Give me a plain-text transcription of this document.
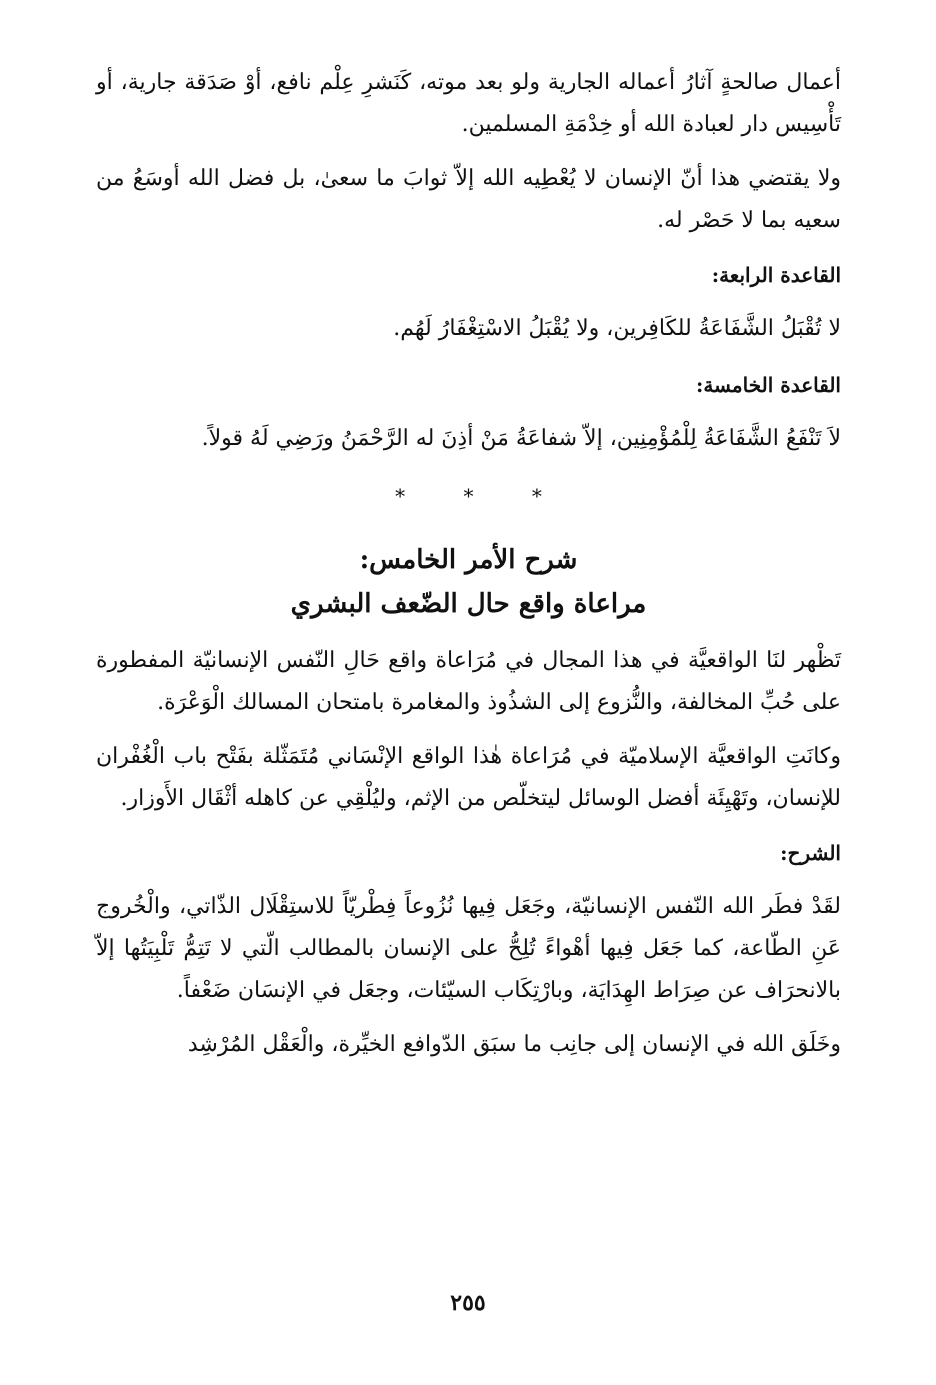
أعمال صالحةٍ آثارُ أعماله الجارية ولو بعد موته، كَنَشرِ عِلْم نافع، أوْ صَدَقة جارية، أو تَأْسِيس دار لعبادة الله أو خِدْمَةِ المسلمين.

ولا يقتضي هذا أنّ الإنسان لا يُعْطِيه الله إلاّ ثوابَ ما سعىٰ، بل فضل الله أوسَعُ من سعيه بما لا حَصْر له.

القاعدة الرابعة:

لا تُقْبَلُ الشَّفَاعَةُ للكَافِرين، ولا يُقْبَلُ الاسْتِغْفَارُ لَهُم.

القاعدة الخامسة:

لاَ تَنْفَعُ الشَّفَاعَةُ لِلْمُؤْمِنِين، إلاّ شفاعَةُ مَنْ أذِنَ له الرَّحْمَنُ ورَضِي لَهُ قولاً.

* * *
شرح الأمر الخامس:
مراعاة واقع حال الضّعف البشري

تَظْهر لنَا الواقعيَّة في هذا المجال في مُرَاعاة واقع حَالِ النّفس الإنسانيّة المفطورة على حُبِّ المخالفة، والنُّزوع إلى الشذُوذ والمغامرة بامتحان المسالك الْوَعْرَة.

وكانَتِ الواقعيَّة الإسلاميّة في مُرَاعاة هٰذا الواقع الإنْسَاني مُتَمَثّلة بفَتْح باب الْغُفْران للإنسان، وتَهْيِئَة أفضل الوسائل ليتخلّص من الإثم، وليُلْقِي عن كاهله أثْقَال الأَوزار.

الشرح:

لقَدْ فطَر الله النّفس الإنسانيّة، وجَعَل فِيها نُزُوعاً فِطْريّاً للاستِقْلَال الذّاتي، والْخُروج عَنِ الطّاعة، كما جَعَل فِيها أهْواءً تُلِحُّ على الإنسان بالمطالب الّتي لا تَتِمُّ تَلْبِيَتُها إلاّ بالانحرَاف عن صِرَاط الهِدَايَة، وبارْتِكَاب السيّئات، وجعَل في الإنسَان ضَعْفاً.

وخَلَق الله في الإنسان إلى جانِب ما سبَق الدّوافع الخيِّرة، والْعَقْل المُرْشِد

٢٥٥
